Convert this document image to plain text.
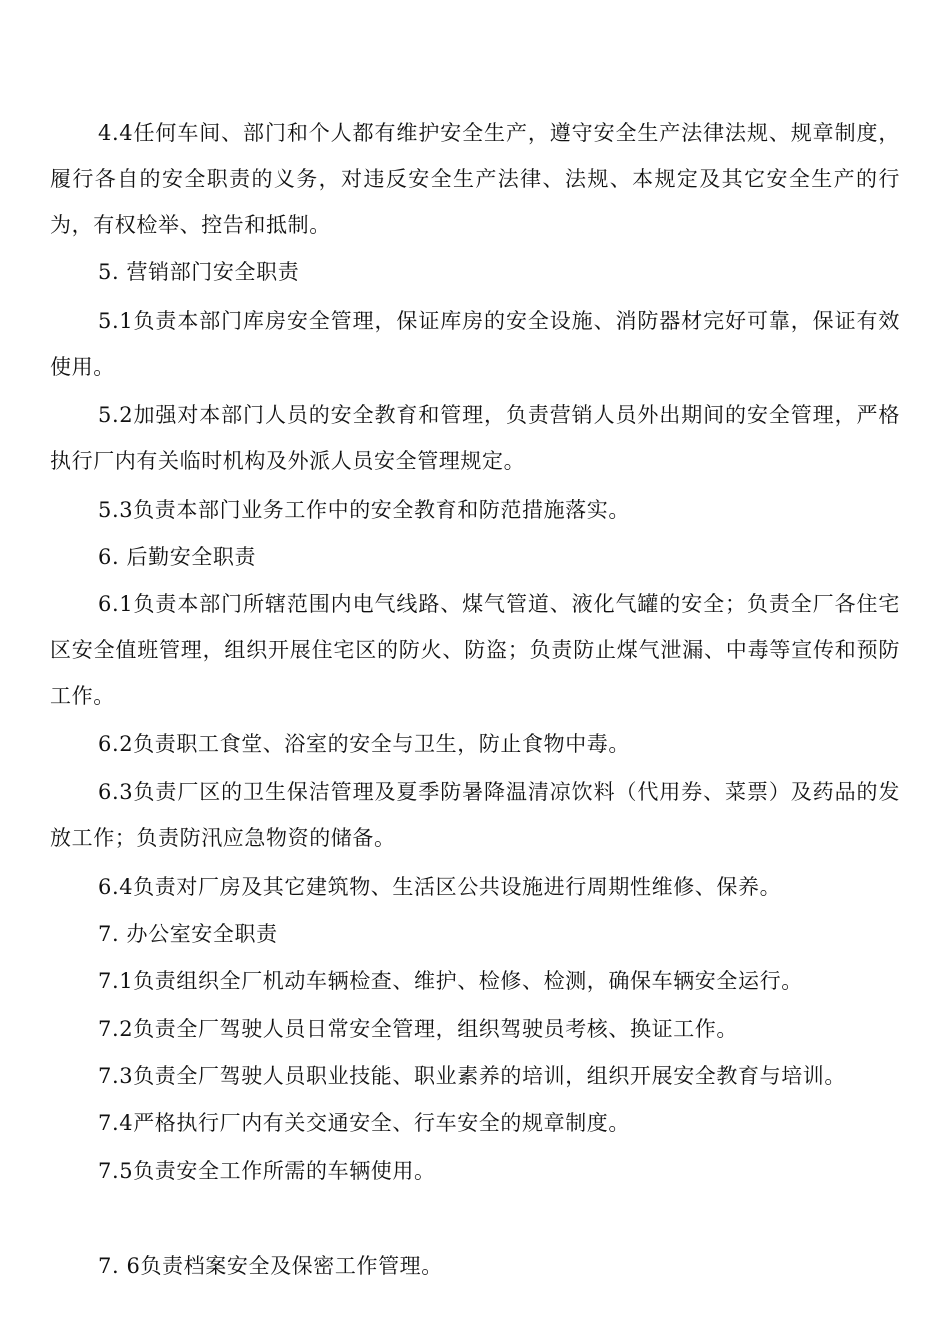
4.4任何车间、部门和个人都有维护安全生产，遵守安全生产法律法规、规章制度，履行各自的安全职责的义务，对违反安全生产法律、法规、本规定及其它安全生产的行为，有权检举、控告和抵制。

5. 营销部门安全职责

5.1负责本部门库房安全管理，保证库房的安全设施、消防器材完好可靠，保证有效使用。

5.2加强对本部门人员的安全教育和管理，负责营销人员外出期间的安全管理，严格执行厂内有关临时机构及外派人员安全管理规定。

5.3负责本部门业务工作中的安全教育和防范措施落实。

6. 后勤安全职责

6.1负责本部门所辖范围内电气线路、煤气管道、液化气罐的安全；负责全厂各住宅区安全值班管理，组织开展住宅区的防火、防盗；负责防止煤气泄漏、中毒等宣传和预防工作。

6.2负责职工食堂、浴室的安全与卫生，防止食物中毒。

6.3负责厂区的卫生保洁管理及夏季防暑降温清凉饮料（代用券、菜票）及药品的发放工作；负责防汛应急物资的储备。

6.4负责对厂房及其它建筑物、生活区公共设施进行周期性维修、保养。

7. 办公室安全职责

7.1负责组织全厂机动车辆检查、维护、检修、检测，确保车辆安全运行。

7.2负责全厂驾驶人员日常安全管理，组织驾驶员考核、换证工作。

7.3负责全厂驾驶人员职业技能、职业素养的培训，组织开展安全教育与培训。

7.4严格执行厂内有关交通安全、行车安全的规章制度。

7.5负责安全工作所需的车辆使用。

7. 6负责档案安全及保密工作管理。
